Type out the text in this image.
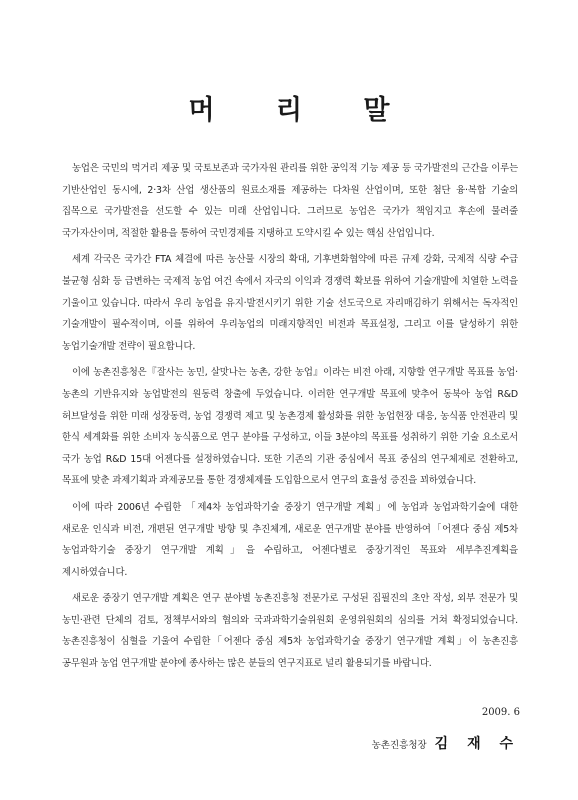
머 리 말

농업은 국민의 먹거리 제공 및 국토보존과 국가자원 관리를 위한 공익적 기능 제공 등 국가발전의 근간을 이루는 기반산업인 동시에, 2·3차 산업 생산품의 원료소재를 제공하는 다차원 산업이며, 또한 첨단 융·복합 기술의 집목으로 국가발전을 선도할 수 있는 미래 산업입니다. 그러므로 농업은 국가가 책임지고 후손에 물려줄 국가자산이며, 적절한 활용을 통하여 국민경제를 지탱하고 도약시킬 수 있는 핵심 산업입니다.

세계 각국은 국가간 FTA 체결에 따른 농산물 시장의 확대, 기후변화협약에 따른 규제 강화, 국제적 식량 수급 불균형 심화 등 급변하는 국제적 농업 여건 속에서 자국의 이익과 경쟁력 확보를 위하여 기술개발에 치열한 노력을 기울이고 있습니다. 따라서 우리 농업을 유지·발전시키기 위한 기술 선도국으로 자리매김하기 위해서는 독자적인 기술개발이 필수적이며, 이를 위하여 우리농업의 미래지향적인 비전과 목표설정, 그리고 이를 달성하기 위한 농업기술개발 전략이 필요합니다.

이에 농촌진흥청은『잘사는 농민, 살맛나는 농촌, 강한 농업』이라는 비전 아래, 지향할 연구개발 목표를 농업·농촌의 기반유지와 농업발전의 원동력 창출에 두었습니다. 이러한 연구개발 목표에 맞추어 동북아 농업 R&D 허브달성을 위한 미래 성장동력, 농업 경쟁력 제고 및 농촌경제 활성화를 위한 농업현장 대응, 농식품 안전관리 및 한식 세계화를 위한 소비자 농식품으로 연구 분야를 구성하고, 이들 3분야의 목표를 성취하기 위한 기술 요소로서 국가 농업 R&D 15대 어젠다를 설정하였습니다. 또한 기존의 기관 중심에서 목표 중심의 연구체제로 전환하고, 목표에 맞춘 과제기획과 과제공모를 통한 경쟁체제를 도입함으로서 연구의 효율성 증진을 꾀하였습니다.

이에 따라 2006년 수립한 「제4차 농업과학기술 중장기 연구개발 계획」에 농업과 농업과학기술에 대한 새로운 인식과 비전, 개편된 연구개발 방향 및 추진체계, 새로운 연구개발 분야를 반영하여「어젠다 중심 제5차 농업과학기술 중장기 연구개발 계획」을 수립하고, 어젠다별로 중장기적인 목표와 세부추진계획을 제시하였습니다.

새로운 중장기 연구개발 계획은 연구 분야별 농촌진흥청 전문가로 구성된 집필진의 초안 작성, 외부 전문가 및 농민·관련 단체의 검토, 정책부서와의 협의와 국과과학기술위원회 운영위원회의 심의를 거쳐 확정되었습니다. 농촌진흥청이 심혈을 기울여 수립한「어젠다 중심 제5차 농업과학기술 중장기 연구개발 계획」이 농촌진흥 공무원과 농업 연구개발 분야에 종사하는 많은 분들의 연구지표로 널리 활용되기를 바랍니다.

2009. 6
농촌진흥청장 김 재 수
